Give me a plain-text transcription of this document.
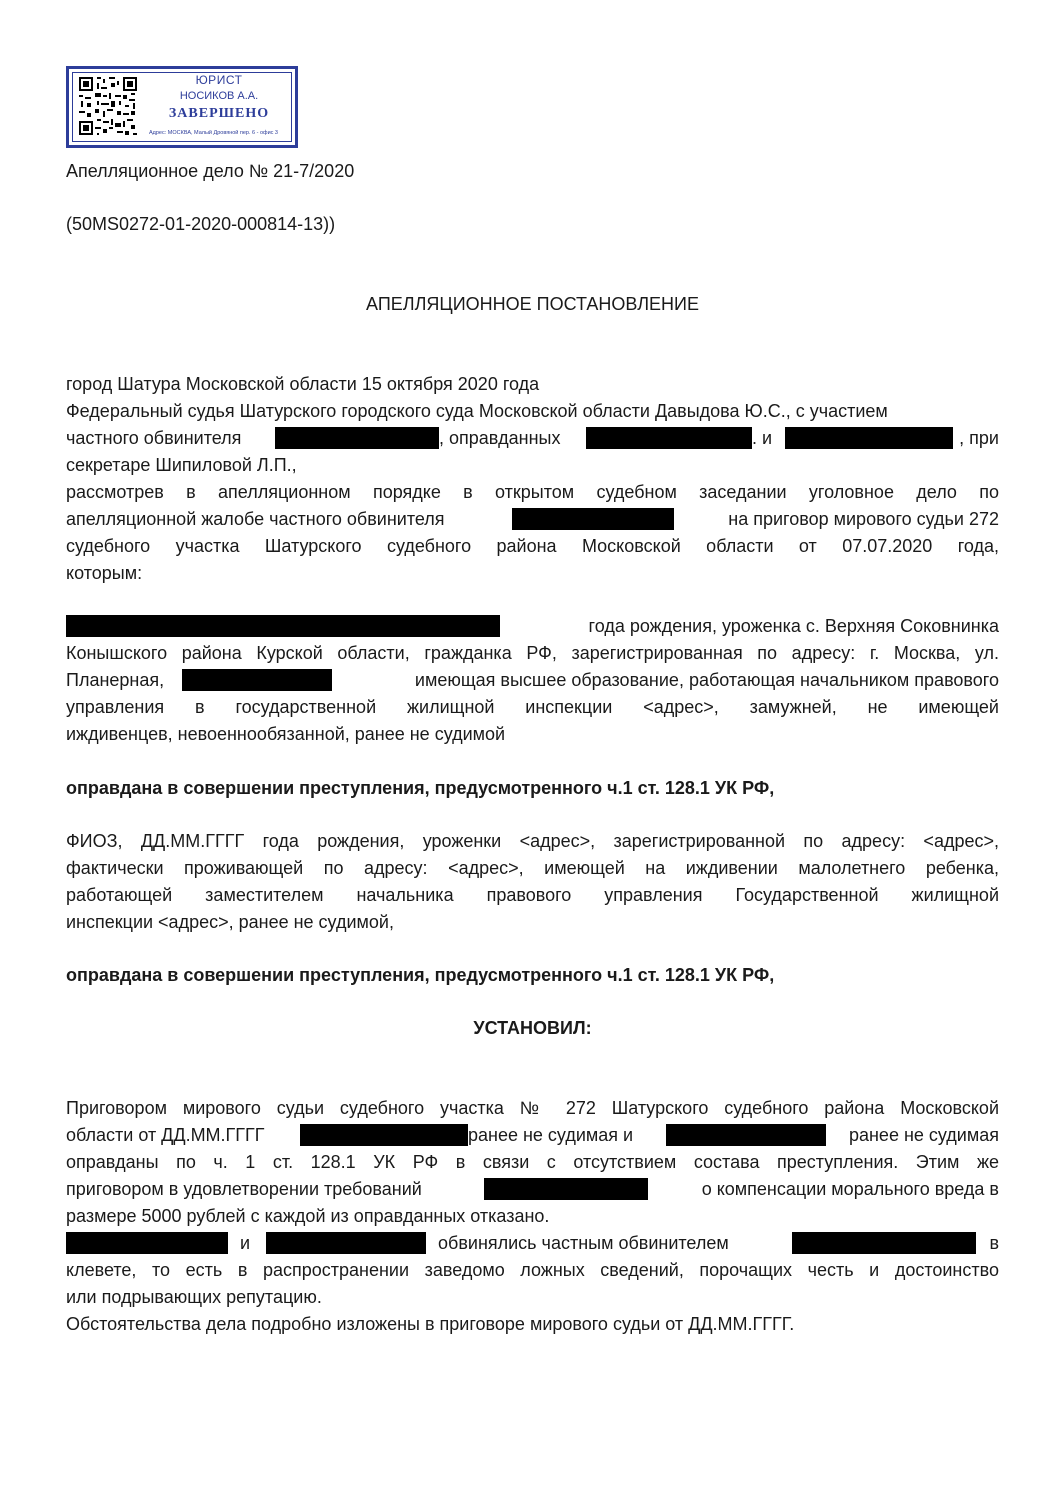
ЮРИСТ
НОСИКОВ А.А.
ЗАВЕРШЕНО
Адрес: МОСКВА, Малый Дровяной пер. 6 - офис 3
Апелляционное дело № 21-7/2020
(50MS0272-01-2020-000814-13))
АПЕЛЛЯЦИОННОЕ ПОСТАНОВЛЕНИЕ
город Шатура Московской области 15 октября 2020 года
Федеральный судья Шатурского городского суда Московской области Давыдова Ю.С., с участием
частного обвинителя	, оправданных	. и	, при
секретаре Шипиловой Л.П.,
рассмотрев в апелляционном порядке в открытом судебном заседании уголовное дело по
апелляционной жалобе частного обвинителя	на приговор мирового судьи 272
судебного участка Шатурского судебного района Московской области от 07.07.2020 года,
которым:
года рождения, уроженка с. Верхняя Соковнинка
Конышского района Курской области, гражданка РФ, зарегистрированная по адресу: г. Москва, ул.
Планерная,	имеющая высшее образование, работающая начальником правового
управления в государственной жилищной инспекции <адрес>, замужней, не имеющей
иждивенцев, невоеннообязанной, ранее не судимой
оправдана в совершении преступления, предусмотренного ч.1 ст. 128.1 УК РФ,
ФИОЗ, ДД.ММ.ГГГГ года рождения, уроженки <адрес>, зарегистрированной по адресу: <адрес>,
фактически проживающей по адресу: <адрес>, имеющей на иждивении малолетнего ребенка,
работающей заместителем начальника правового управления Государственной жилищной
инспекции <адрес>, ранее не судимой,
оправдана в совершении преступления, предусмотренного ч.1 ст. 128.1 УК РФ,
УСТАНОВИЛ:
Приговором мирового судьи судебного участка № 272 Шатурского судебного района Московской
области от ДД.ММ.ГГГГ	ранее не судимая и	ранее не судимая
оправданы по ч. 1 ст. 128.1 УК РФ в связи с отсутствием состава преступления. Этим же
приговором в удовлетворении требований	о компенсации морального вреда в
размере 5000 рублей с каждой из оправданных отказано.
и	обвинялись частным обвинителем	в
клевете, то есть в распространении заведомо ложных сведений, порочащих честь и достоинство
или подрывающих репутацию.
Обстоятельства дела подробно изложены в приговоре мирового судьи от ДД.ММ.ГГГГ.
